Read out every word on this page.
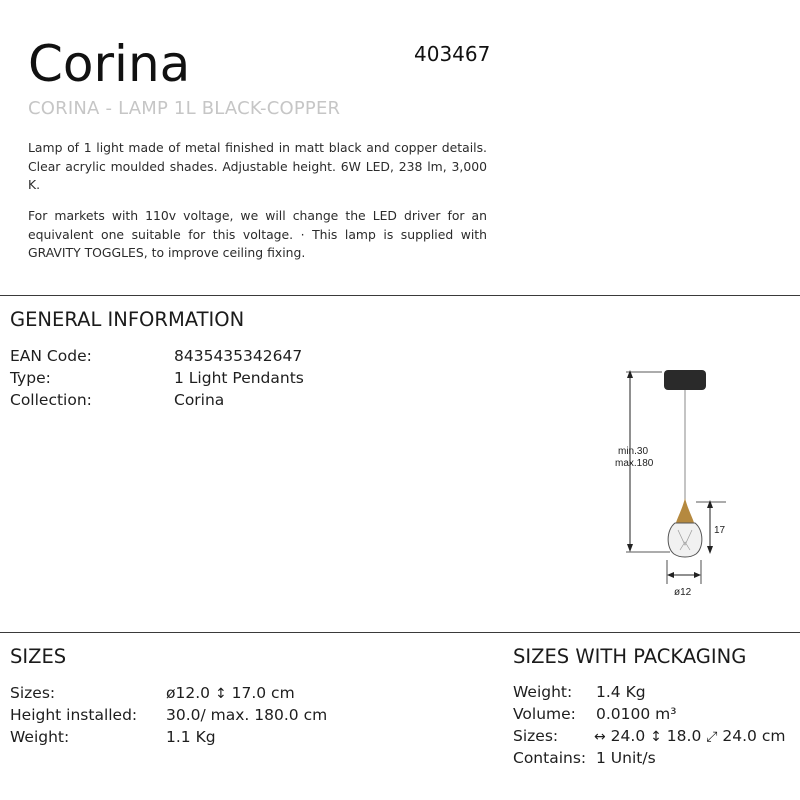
Corina	403467
CORINA - LAMP 1L BLACK-COPPER

Lamp of 1 light made of metal finished in matt black and copper details. Clear acrylic moulded shades. Adjustable height. 6W LED, 238 lm, 3,000 K.

For markets with 110v voltage, we will change the LED driver for an equivalent one suitable for this voltage. · This lamp is supplied with GRAVITY TOGGLES, to improve ceiling fixing.

GENERAL INFORMATION
EAN Code:	8435435342647
Type:	1 Light Pendants
Collection:	Corina
min.30
max.180
17
ø12
SIZES
Sizes:	ø12.0 ↕ 17.0 cm
Height installed: 30.0/ max. 180.0 cm
Weight:	1.1 Kg
SIZES WITH PACKAGING
Weight: 1.4 Kg
Volume: 0.0100 m³
Sizes:	↔ 24.0 ↕ 18.0 ⤢ 24.0 cm
Contains: 1 Unit/s
